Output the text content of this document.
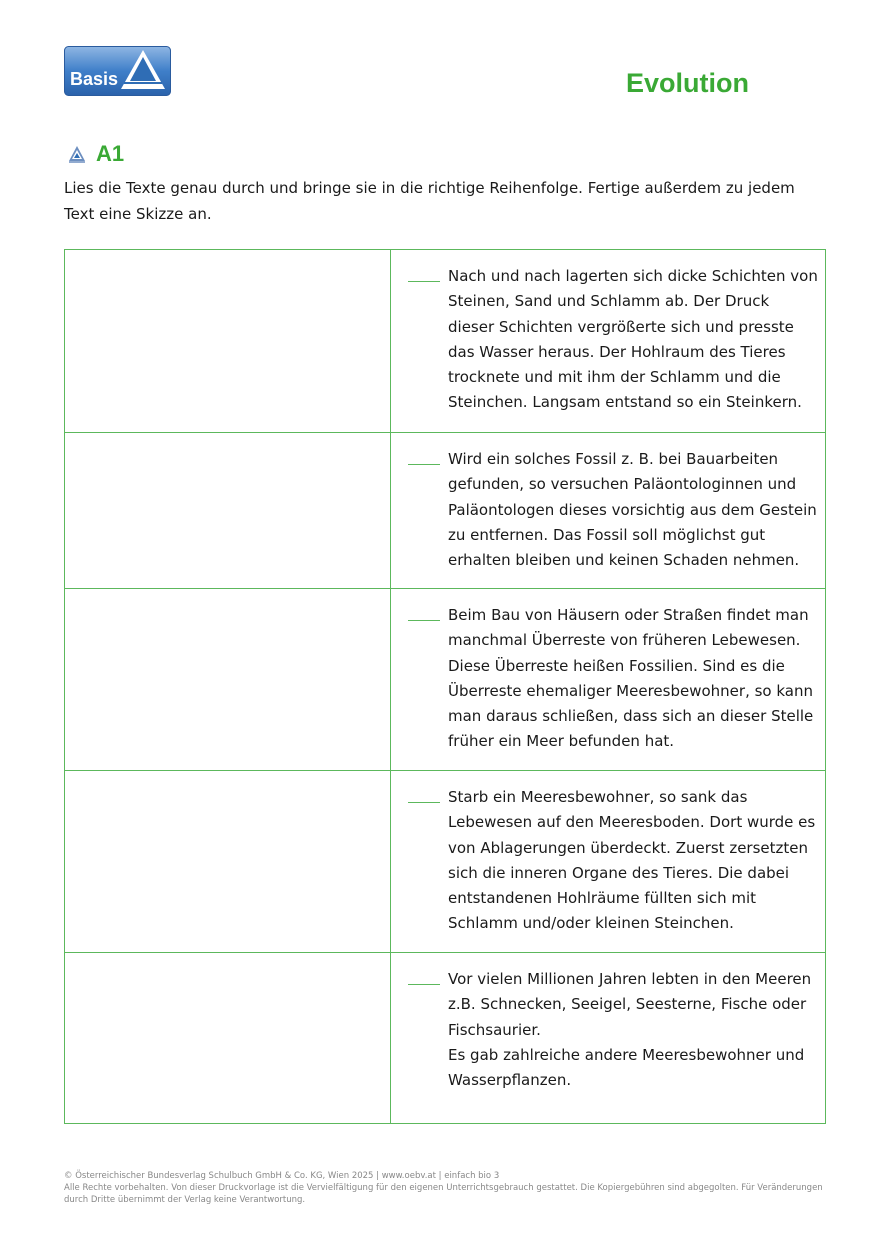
Basis	Evolution
A1
Lies die Texte genau durch und bringe sie in die richtige Reihenfolge. Fertige außerdem zu jedem Text eine Skizze an.
Nach und nach lagerten sich dicke Schichten von Steinen, Sand und Schlamm ab. Der Druck dieser Schichten vergrößerte sich und presste das Wasser heraus. Der Hohlraum des Tieres trocknete und mit ihm der Schlamm und die Steinchen. Langsam entstand so ein Steinkern.
Wird ein solches Fossil z. B. bei Bauarbeiten gefunden, so versuchen Paläontologinnen und Paläontologen dieses vorsichtig aus dem Gestein zu entfernen. Das Fossil soll möglichst gut erhalten bleiben und keinen Schaden nehmen.
Beim Bau von Häusern oder Straßen findet man manchmal Überreste von früheren Lebewesen. Diese Überreste heißen Fossilien. Sind es die Überreste ehemaliger Meeresbewohner, so kann man daraus schließen, dass sich an dieser Stelle früher ein Meer befunden hat.
Starb ein Meeresbewohner, so sank das Lebewesen auf den Meeresboden. Dort wurde es von Ablagerungen überdeckt. Zuerst zersetzten sich die inneren Organe des Tieres. Die dabei entstandenen Hohlräume füllten sich mit Schlamm und/oder kleinen Steinchen.
Vor vielen Millionen Jahren lebten in den Meeren z.B. Schnecken, Seeigel, Seesterne, Fische oder Fischsaurier.
Es gab zahlreiche andere Meeresbewohner und Wasserpflanzen.
© Österreichischer Bundesverlag Schulbuch GmbH & Co. KG, Wien 2025 | www.oebv.at | einfach bio 3
Alle Rechte vorbehalten. Von dieser Druckvorlage ist die Vervielfältigung für den eigenen Unterrichtsgebrauch gestattet. Die Kopiergebühren sind abgegolten. Für Veränderungen durch Dritte übernimmt der Verlag keine Verantwortung.
